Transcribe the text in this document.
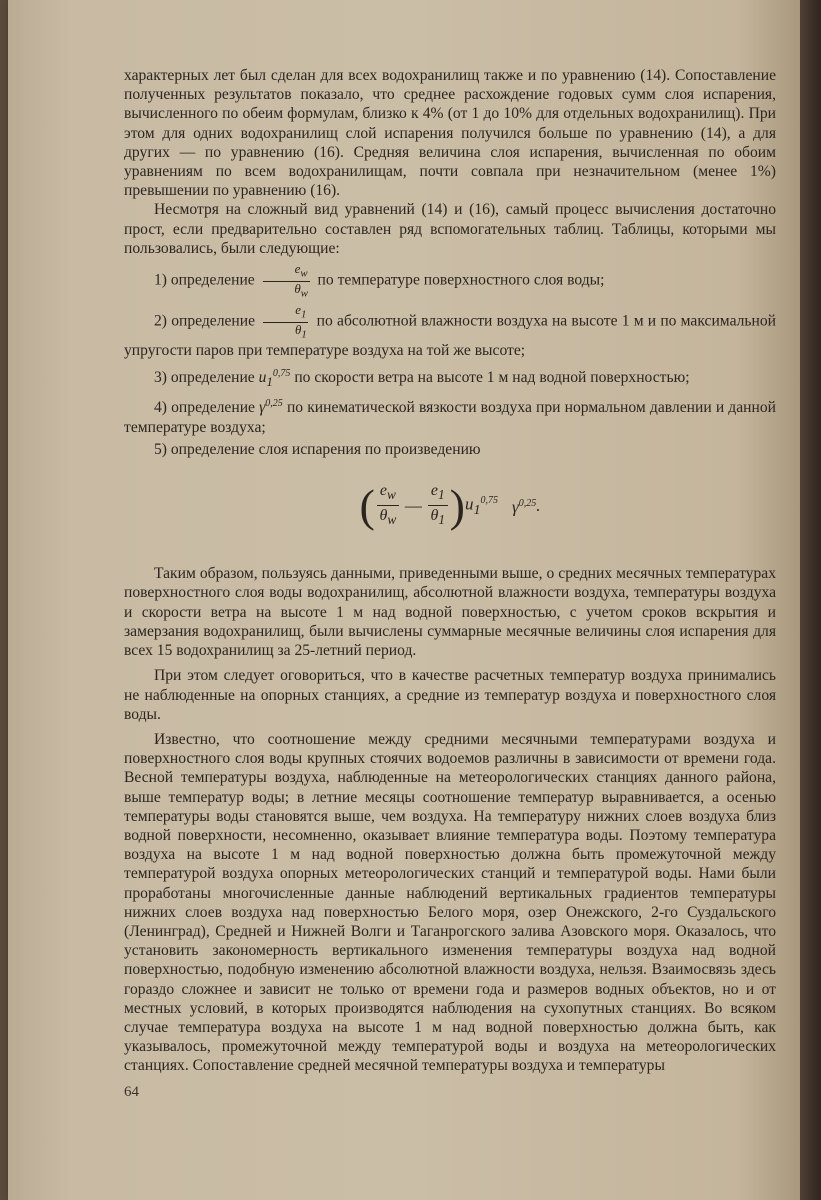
характерных лет был сделан для всех водохранилищ также и по уравнению (14). Сопоставление полученных результатов показало, что среднее расхождение годовых сумм слоя испарения, вычисленного по обеим формулам, близко к 4% (от 1 до 10% для отдельных водохранилищ). При этом для одних водохранилищ слой испарения получился больше по уравнению (14), а для других — по уравнению (16). Средняя величина слоя испарения, вычисленная по обоим уравнениям по всем водохранилищам, почти совпала при незначительном (менее 1%) превышении по уравнению (16).

Несмотря на сложный вид уравнений (14) и (16), самый процесс вычисления достаточно прост, если предварительно составлен ряд вспомогательных таблиц. Таблицы, которыми мы пользовались, были следующие:

1) определение $\frac{e_w}{\theta_w}$ по температуре поверхностного слоя воды;
2) определение $\frac{e_1}{\theta_1}$ по абсолютной влажности воздуха на высоте 1 м и по максимальной упругости паров при температуре воздуха на той же высоте;
3) определение $u_1^{0,75}$ по скорости ветра на высоте 1 м над водной поверхностью;
4) определение $\gamma^{0,25}$ по кинематической вязкости воздуха при нормальном давлении и данной температуре воздуха;
5) определение слоя испарения по произведению
( $\frac{e_w}{\theta_w}$ — $\frac{e_1}{\theta_1}$ ) $u_1^{0,75}$ $\gamma^{0,25}$ .

Таким образом, пользуясь данными, приведенными выше, о средних месячных температурах поверхностного слоя воды водохранилищ, абсолютной влажности воздуха, температуры воздуха и скорости ветра на высоте 1 м над водной поверхностью, с учетом сроков вскрытия и замерзания водохранилищ, были вычислены суммарные месячные величины слоя испарения для всех 15 водохранилищ за 25-летний период.

При этом следует оговориться, что в качестве расчетных температур воздуха принимались не наблюденные на опорных станциях, а средние из температур воздуха и поверхностного слоя воды.

Известно, что соотношение между средними месячными температурами воздуха и поверхностного слоя воды крупных стоячих водоемов различны в зависимости от времени года. Весной температуры воздуха, наблюденные на метеорологических станциях данного района, выше температур воды; в летние месяцы соотношение температур выравнивается, а осенью температуры воды становятся выше, чем воздуха. На температуру нижних слоев воздуха близ водной поверхности, несомненно, оказывает влияние температура воды. Поэтому температура воздуха на высоте 1 м над водной поверхностью должна быть промежуточной между температурой воздуха опорных метеорологических станций и температурой воды. Нами были проработаны многочисленные данные наблюдений вертикальных градиентов температуры нижних слоев воздуха над поверхностью Белого моря, озер Онежского, 2-го Суздальского (Ленинград), Средней и Нижней Волги и Таганрогского залива Азовского моря. Оказалось, что установить закономерность вертикального изменения температуры воздуха над водной поверхностью, подобную изменению абсолютной влажности воздуха, нельзя. Взаимосвязь здесь гораздо сложнее и зависит не только от времени года и размеров водных объектов, но и от местных условий, в которых производятся наблюдения на сухопутных станциях. Во всяком случае температура воздуха на высоте 1 м над водной поверхностью должна быть, как указывалось, промежуточной между температурой воды и воздуха на метеорологических станциях. Сопоставление средней месячной температуры воздуха и температуры

64
